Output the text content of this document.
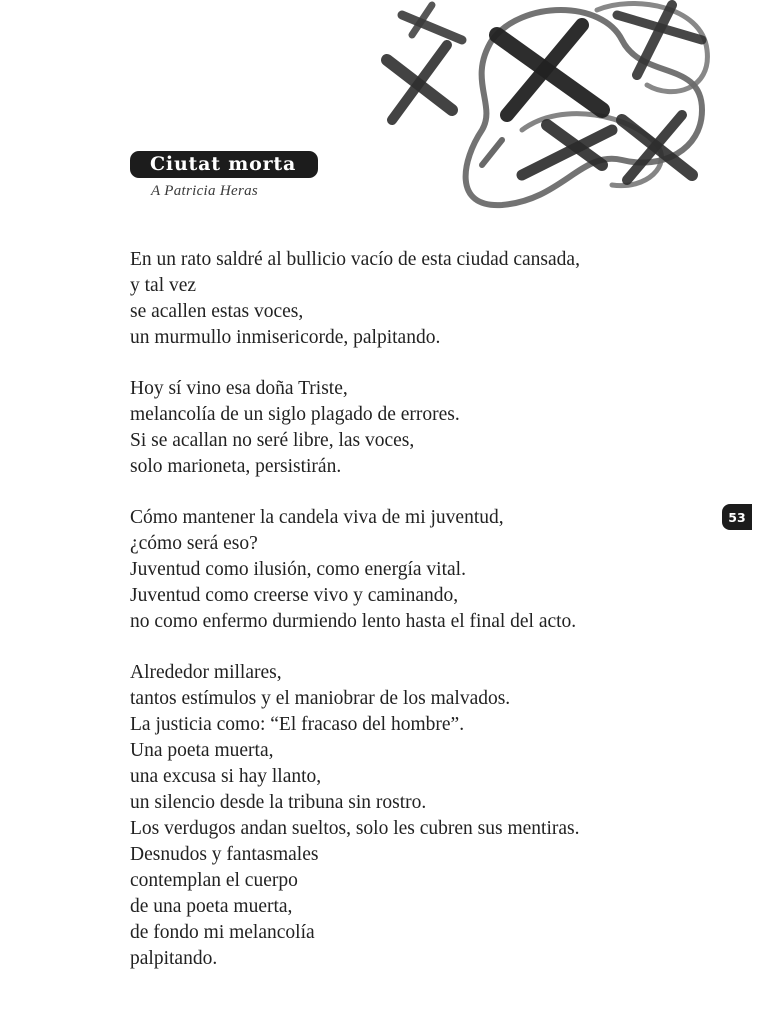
Ciutat morta
A Patricia Heras
En un rato saldré al bullicio vacío de esta ciudad cansada,
y tal vez
se acallen estas voces,
un murmullo inmisericorde, palpitando.
Hoy sí vino esa doña Triste,
melancolía de un siglo plagado de errores.
Si se acallan no seré libre, las voces,
solo marioneta, persistirán.
Cómo mantener la candela viva de mi juventud,
¿cómo será eso?
Juventud como ilusión, como energía vital.
Juventud como creerse vivo y caminando,
no como enfermo durmiendo lento hasta el final del acto.
Alrededor millares,
tantos estímulos y el maniobrar de los malvados.
La justicia como: “El fracaso del hombre”.
Una poeta muerta,
una excusa si hay llanto,
un silencio desde la tribuna sin rostro.
Los verdugos andan sueltos, solo les cubren sus mentiras.
Desnudos y fantasmales
contemplan el cuerpo
de una poeta muerta,
de fondo mi melancolía
palpitando.
53
